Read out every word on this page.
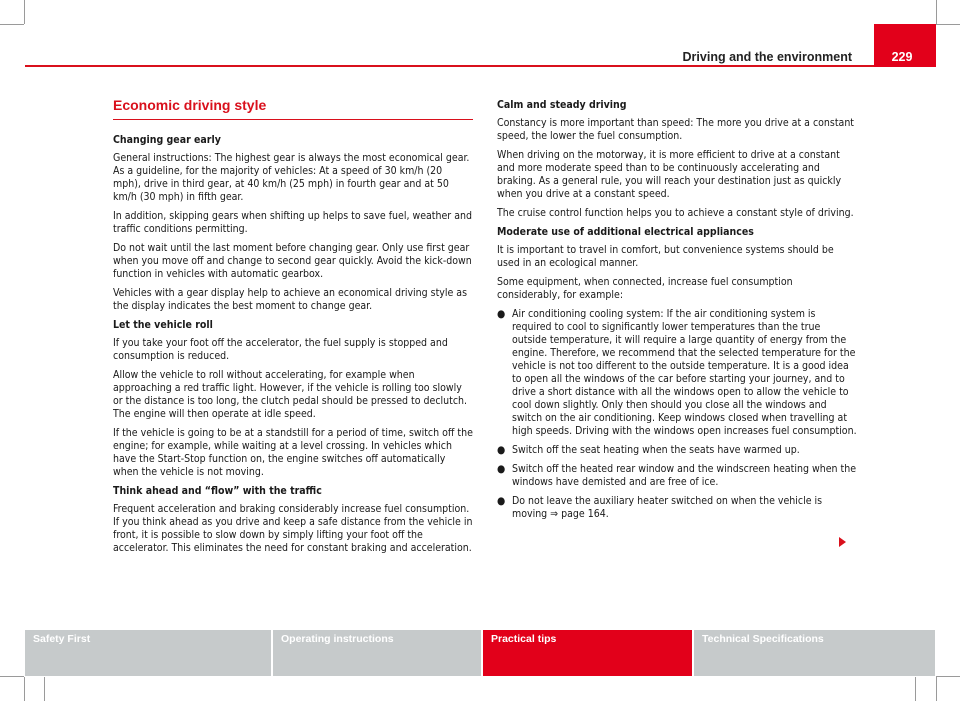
Driving and the environment	229
Economic driving style
Changing gear early

General instructions: The highest gear is always the most economical gear. As a guideline, for the majority of vehicles: At a speed of 30 km/h (20 mph), drive in third gear, at 40 km/h (25 mph) in fourth gear and at 50 km/h (30 mph) in fifth gear.

In addition, skipping gears when shifting up helps to save fuel, weather and traffic conditions permitting.

Do not wait until the last moment before changing gear. Only use first gear when you move off and change to second gear quickly. Avoid the kick-down function in vehicles with automatic gearbox.

Vehicles with a gear display help to achieve an economical driving style as the display indicates the best moment to change gear.

Let the vehicle roll

If you take your foot off the accelerator, the fuel supply is stopped and consumption is reduced.

Allow the vehicle to roll without accelerating, for example when approaching a red traffic light. However, if the vehicle is rolling too slowly or the distance is too long, the clutch pedal should be pressed to declutch. The engine will then operate at idle speed.

If the vehicle is going to be at a standstill for a period of time, switch off the engine; for example, while waiting at a level crossing. In vehicles which have the Start-Stop function on, the engine switches off automatically when the vehicle is not moving.

Think ahead and “flow” with the traffic

Frequent acceleration and braking considerably increase fuel consumption. If you think ahead as you drive and keep a safe distance from the vehicle in front, it is possible to slow down by simply lifting your foot off the accelerator. This eliminates the need for constant braking and acceleration.

Calm and steady driving

Constancy is more important than speed: The more you drive at a constant speed, the lower the fuel consumption.

When driving on the motorway, it is more efficient to drive at a constant and more moderate speed than to be continuously accelerating and braking. As a general rule, you will reach your destination just as quickly when you drive at a constant speed.

The cruise control function helps you to achieve a constant style of driving.

Moderate use of additional electrical appliances

It is important to travel in comfort, but convenience systems should be used in an ecological manner.

Some equipment, when connected, increase fuel consumption considerably, for example:

● Air conditioning cooling system: If the air conditioning system is required to cool to significantly lower temperatures than the true outside temperature, it will require a large quantity of energy from the engine. Therefore, we recommend that the selected temperature for the vehicle is not too different to the outside temperature. It is a good idea to open all the windows of the car before starting your journey, and to drive a short distance with all the windows open to allow the vehicle to cool down slightly. Only then should you close all the windows and switch on the air conditioning. Keep windows closed when travelling at high speeds. Driving with the windows open increases fuel consumption.
● Switch off the seat heating when the seats have warmed up.
● Switch off the heated rear window and the windscreen heating when the windows have demisted and are free of ice.
● Do not leave the auxiliary heater switched on when the vehicle is moving ⇒ page 164.
Safety First	Operating instructions	Practical tips	Technical Specifications
